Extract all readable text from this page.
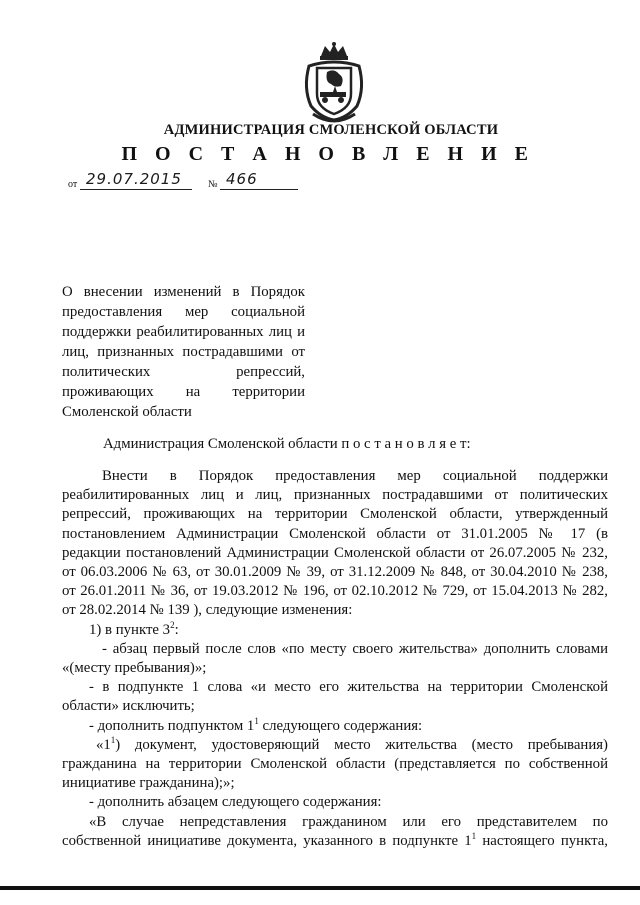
АДМИНИСТРАЦИЯ СМОЛЕНСКОЙ ОБЛАСТИ
П О С Т А Н О В Л Е Н И Е
от 29.07.2015	№ 466
О внесении изменений в Порядок
предоставления мер социальной
поддержки реабилитированных лиц и
лиц, признанных пострадавшими от
политических репрессий,
проживающих на территории
Смоленской области
Администрация Смоленской области п о с т а н о в л я е т:

Внести в Порядок предоставления мер социальной поддержки

реабилитированных лиц и лиц, признанных пострадавшими от политических

репрессий, проживающих на территории Смоленской области, утвержденный

постановлением Администрации Смоленской области от 31.01.2005 № 17 (в

редакции постановлений Администрации Смоленской области от 26.07.2005 № 232,

от 06.03.2006 № 63, от 30.01.2009 № 39, от 31.12.2009 № 848, от 30.04.2010 № 238,

от 26.01.2011 № 36, от 19.03.2012 № 196, от 02.10.2012 № 729, от 15.04.2013 № 282,

от 28.02.2014 № 139 ), следующие изменения:

1) в пункте $3^2$:

- абзац первый после слов «по месту своего жительства» дополнить словами

«(месту пребывания)»;

- в подпункте 1 слова «и место его жительства на территории Смоленской

области» исключить;

- дополнить подпунктом $1^1$ следующего содержания:

«$1^1$) документ, удостоверяющий место жительства (место пребывания)

гражданина на территории Смоленской области (представляется по собственной

инициативе гражданина);»;

- дополнить абзацем следующего содержания:

«В случае непредставления гражданином или его представителем по

собственной инициативе документа, указанного в подпункте $1^1$ настоящего пункта,
